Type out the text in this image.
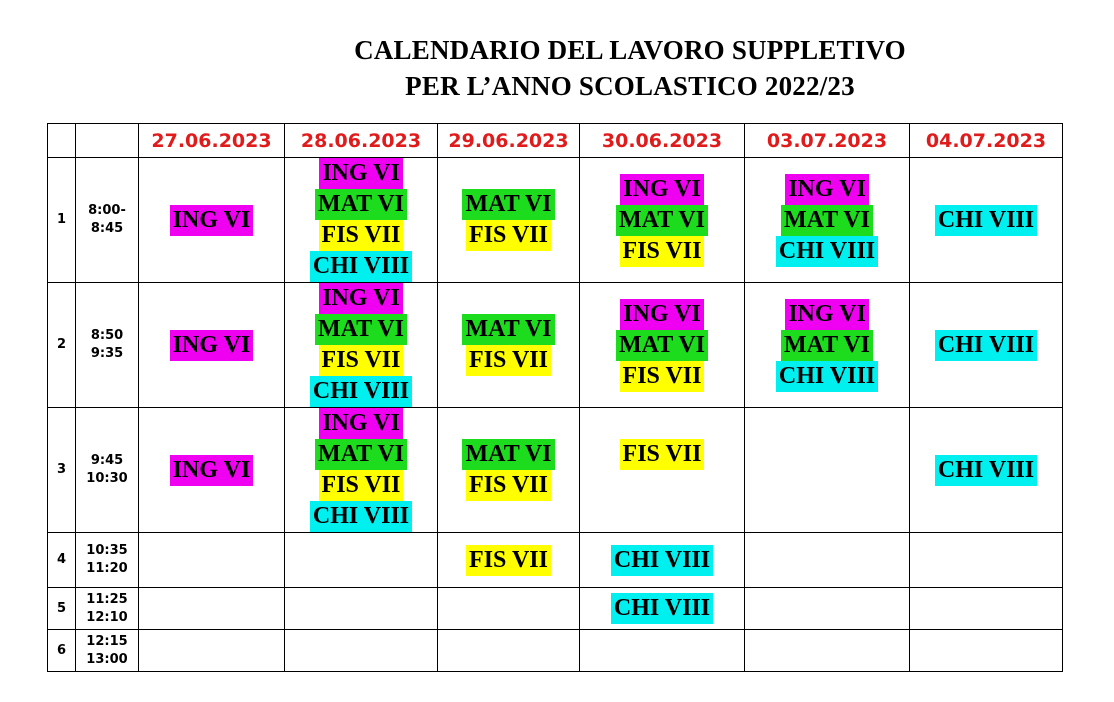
CALENDARIO DEL LAVORO SUPPLETIVO
PER L’ANNO SCOLASTICO 2022/23
		27.06.2023	28.06.2023	29.06.2023	30.06.2023	03.07.2023	04.07.2023
1	8:00-
8:45	ING VI	ING VI
MAT VI
FIS VII
CHI VIII	MAT VI
FIS VII	ING VI
MAT VI
FIS VII	ING VI
MAT VI
CHI VIII	CHI VIII

2	8:50
9:35	ING VI	ING VI
MAT VI
FIS VII
CHI VIII	MAT VI
FIS VII	ING VI
MAT VI
FIS VII	ING VI
MAT VI
CHI VIII	CHI VIII

3	9:45
10:30	ING VI	ING VI
MAT VI
FIS VII
CHI VIII	MAT VI
FIS VII	FIS VII		CHI VIII

4	10:35
11:20			FIS VII	CHI VIII		

5	11:25
12:10				CHI VIII		

6	12:15
13:00						
